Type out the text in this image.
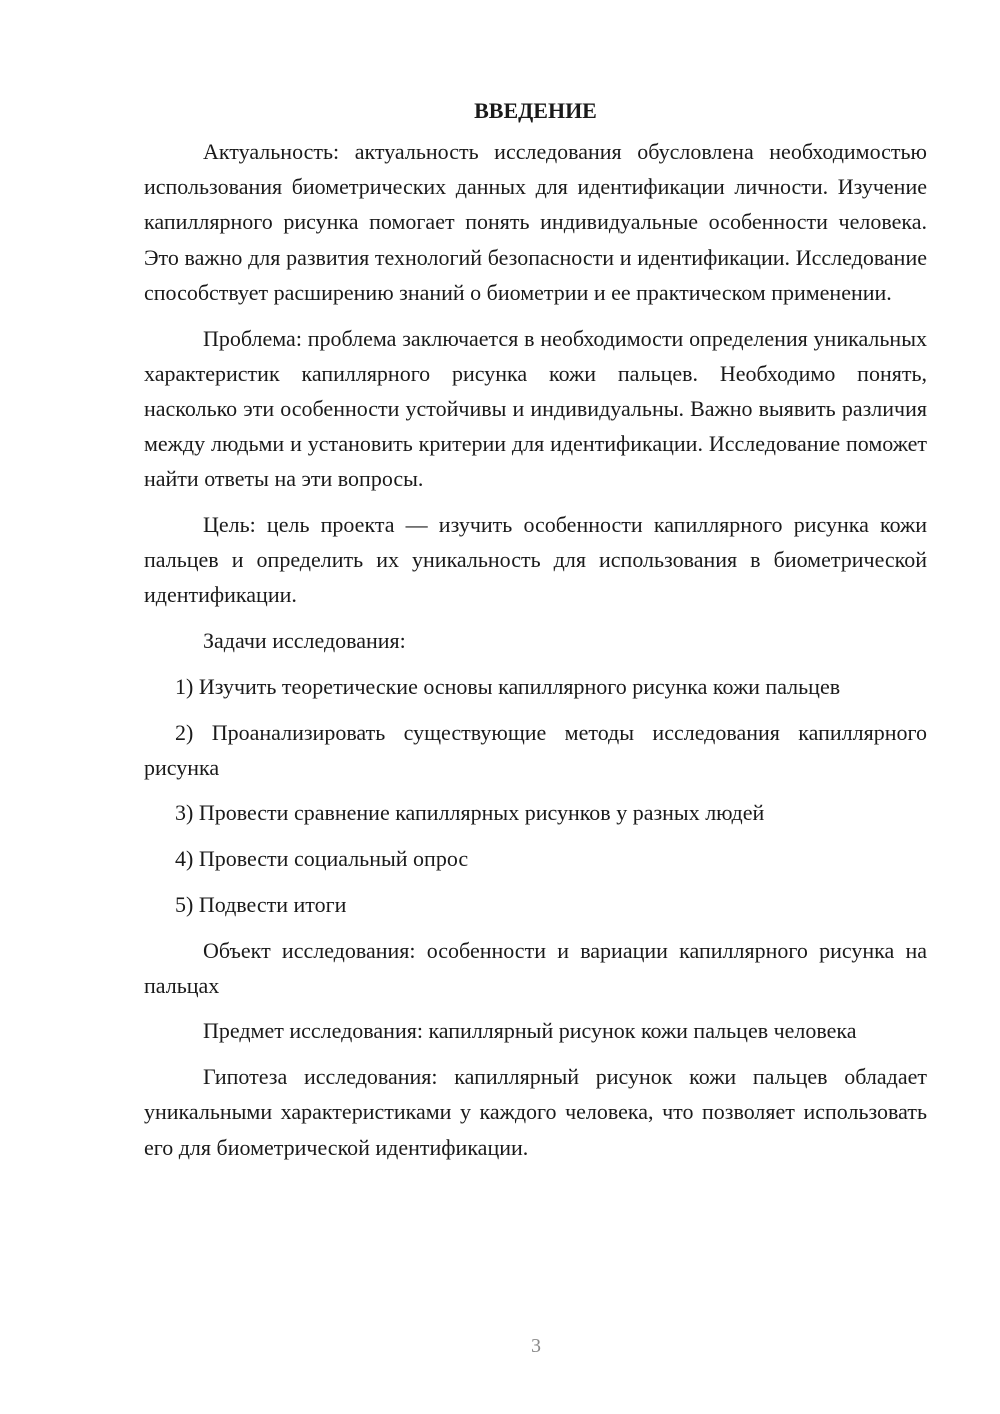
ВВЕДЕНИЕ

Актуальность: актуальность исследования обусловлена необходимостью использования биометрических данных для идентификации личности. Изучение капиллярного рисунка помогает понять индивидуальные особенности человека. Это важно для развития технологий безопасности и идентификации. Исследование способствует расширению знаний о биометрии и ее практическом применении.

Проблема: проблема заключается в необходимости определения уникальных характеристик капиллярного рисунка кожи пальцев. Необходимо понять, насколько эти особенности устойчивы и индивидуальны. Важно выявить различия между людьми и установить критерии для идентификации. Исследование поможет найти ответы на эти вопросы.

Цель: цель проекта — изучить особенности капиллярного рисунка кожи пальцев и определить их уникальность для использования в биометрической идентификации.

Задачи исследования:

1) Изучить теоретические основы капиллярного рисунка кожи пальцев

2) Проанализировать существующие методы исследования капиллярного рисунка

3) Провести сравнение капиллярных рисунков у разных людей

4) Провести социальный опрос

5) Подвести итоги

Объект исследования: особенности и вариации капиллярного рисунка на пальцах

Предмет исследования: капиллярный рисунок кожи пальцев человека

Гипотеза исследования: капиллярный рисунок кожи пальцев обладает уникальными характеристиками у каждого человека, что позволяет использовать его для биометрической идентификации.

3
